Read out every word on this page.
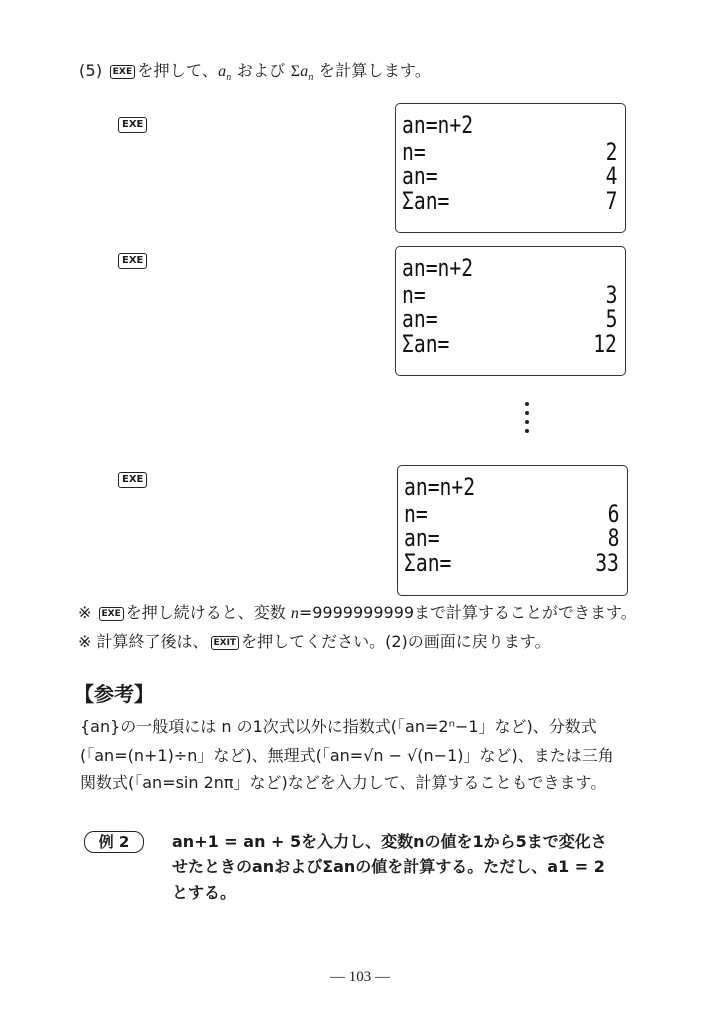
(5) EXE を押して、$a_n$ および $\Sigma a_n$ を計算します。
EXE
EXE
EXE
an=n+2
n=	2
an=	4
Σan=	7
an=n+2
n=	3
an=	5
Σan=	12
an=n+2
n=	6
an=	8
Σan=	33
※ EXE を押し続けると、変数 n=9999999999まで計算することができます。
※ 計算終了後は、 EXIT を押してください。(2)の画面に戻ります。
【参考】
{an}の一般項には n の1次式以外に指数式(「an=2ⁿ−1」など)、分数式
(「an=(n+1)÷n」など)、無理式(「an=√n − √(n−1)」など)、または三角
関数式(「an=sin 2nπ」など)などを入力して、計算することもできます。
例 2	an+1 = an + 5を入力し、変数nの値を1から5まで変化さ
せたときのanおよびΣanの値を計算する。ただし、a1 = 2
とする。
— 103 —
